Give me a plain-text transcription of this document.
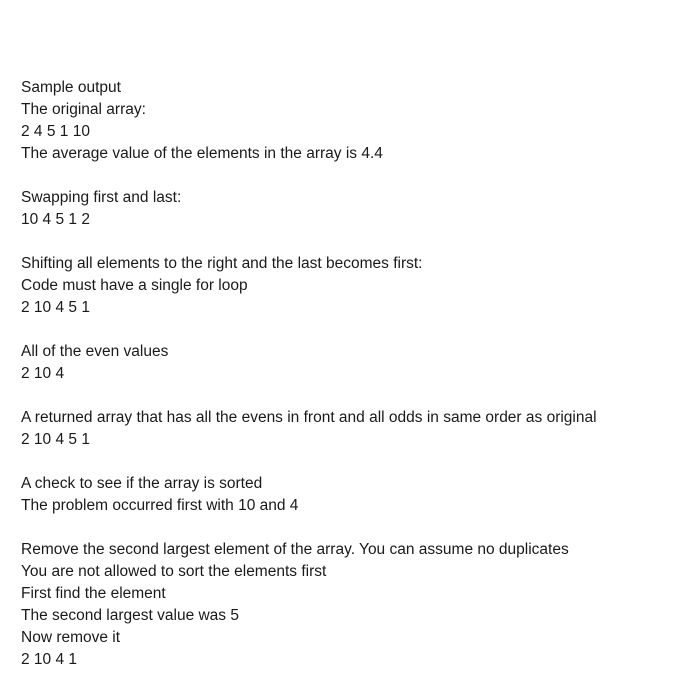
Sample output
The original array:
2 4 5 1 10
The average value of the elements in the array is 4.4
Swapping first and last:
10 4 5 1 2
Shifting all elements to the right and the last becomes first:
Code must have a single for loop
2 10 4 5 1
All of the even values
2 10 4
A returned array that has all the evens in front and all odds in same order as original
2 10 4 5 1
A check to see if the array is sorted
The problem occurred first with 10 and 4
Remove the second largest element of the array. You can assume no duplicates
You are not allowed to sort the elements first
First find the element
The second largest value was 5
Now remove it
2 10 4 1
